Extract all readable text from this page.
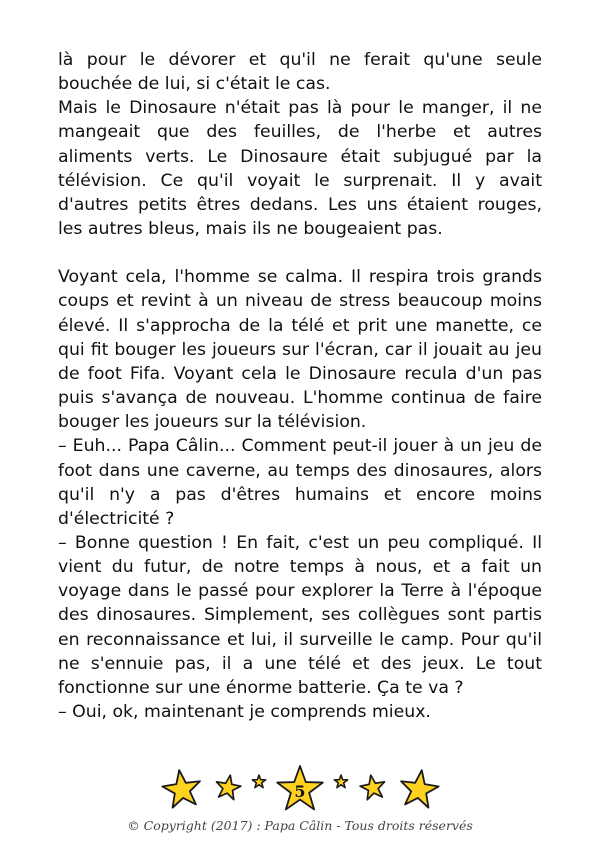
là pour le dévorer et qu'il ne ferait qu'une seule bouchée de lui, si c'était le cas.

Mais le Dinosaure n'était pas là pour le manger, il ne mangeait que des feuilles, de l'herbe et autres aliments verts. Le Dinosaure était subjugué par la télévision. Ce qu'il voyait le surprenait. Il y avait d'autres petits êtres dedans. Les uns étaient rouges, les autres bleus, mais ils ne bougeaient pas.

Voyant cela, l'homme se calma. Il respira trois grands coups et revint à un niveau de stress beaucoup moins élevé. Il s'approcha de la télé et prit une manette, ce qui fit bouger les joueurs sur l'écran, car il jouait au jeu de foot Fifa. Voyant cela le Dinosaure recula d'un pas puis s'avança de nouveau. L'homme continua de faire bouger les joueurs sur la télévision.

– Euh... Papa Câlin... Comment peut-il jouer à un jeu de foot dans une caverne, au temps des dinosaures, alors qu'il n'y a pas d'êtres humains et encore moins d'électricité ?

– Bonne question ! En fait, c'est un peu compliqué. Il vient du futur, de notre temps à nous, et a fait un voyage dans le passé pour explorer la Terre à l'époque des dinosaures. Simplement, ses collègues sont partis en reconnaissance et lui, il surveille le camp. Pour qu'il ne s'ennuie pas, il a une télé et des jeux. Le tout fonctionne sur une énorme batterie. Ça te va ?

– Oui, ok, maintenant je comprends mieux.

5
© Copyright (2017) : Papa Câlin - Tous droits réservés
